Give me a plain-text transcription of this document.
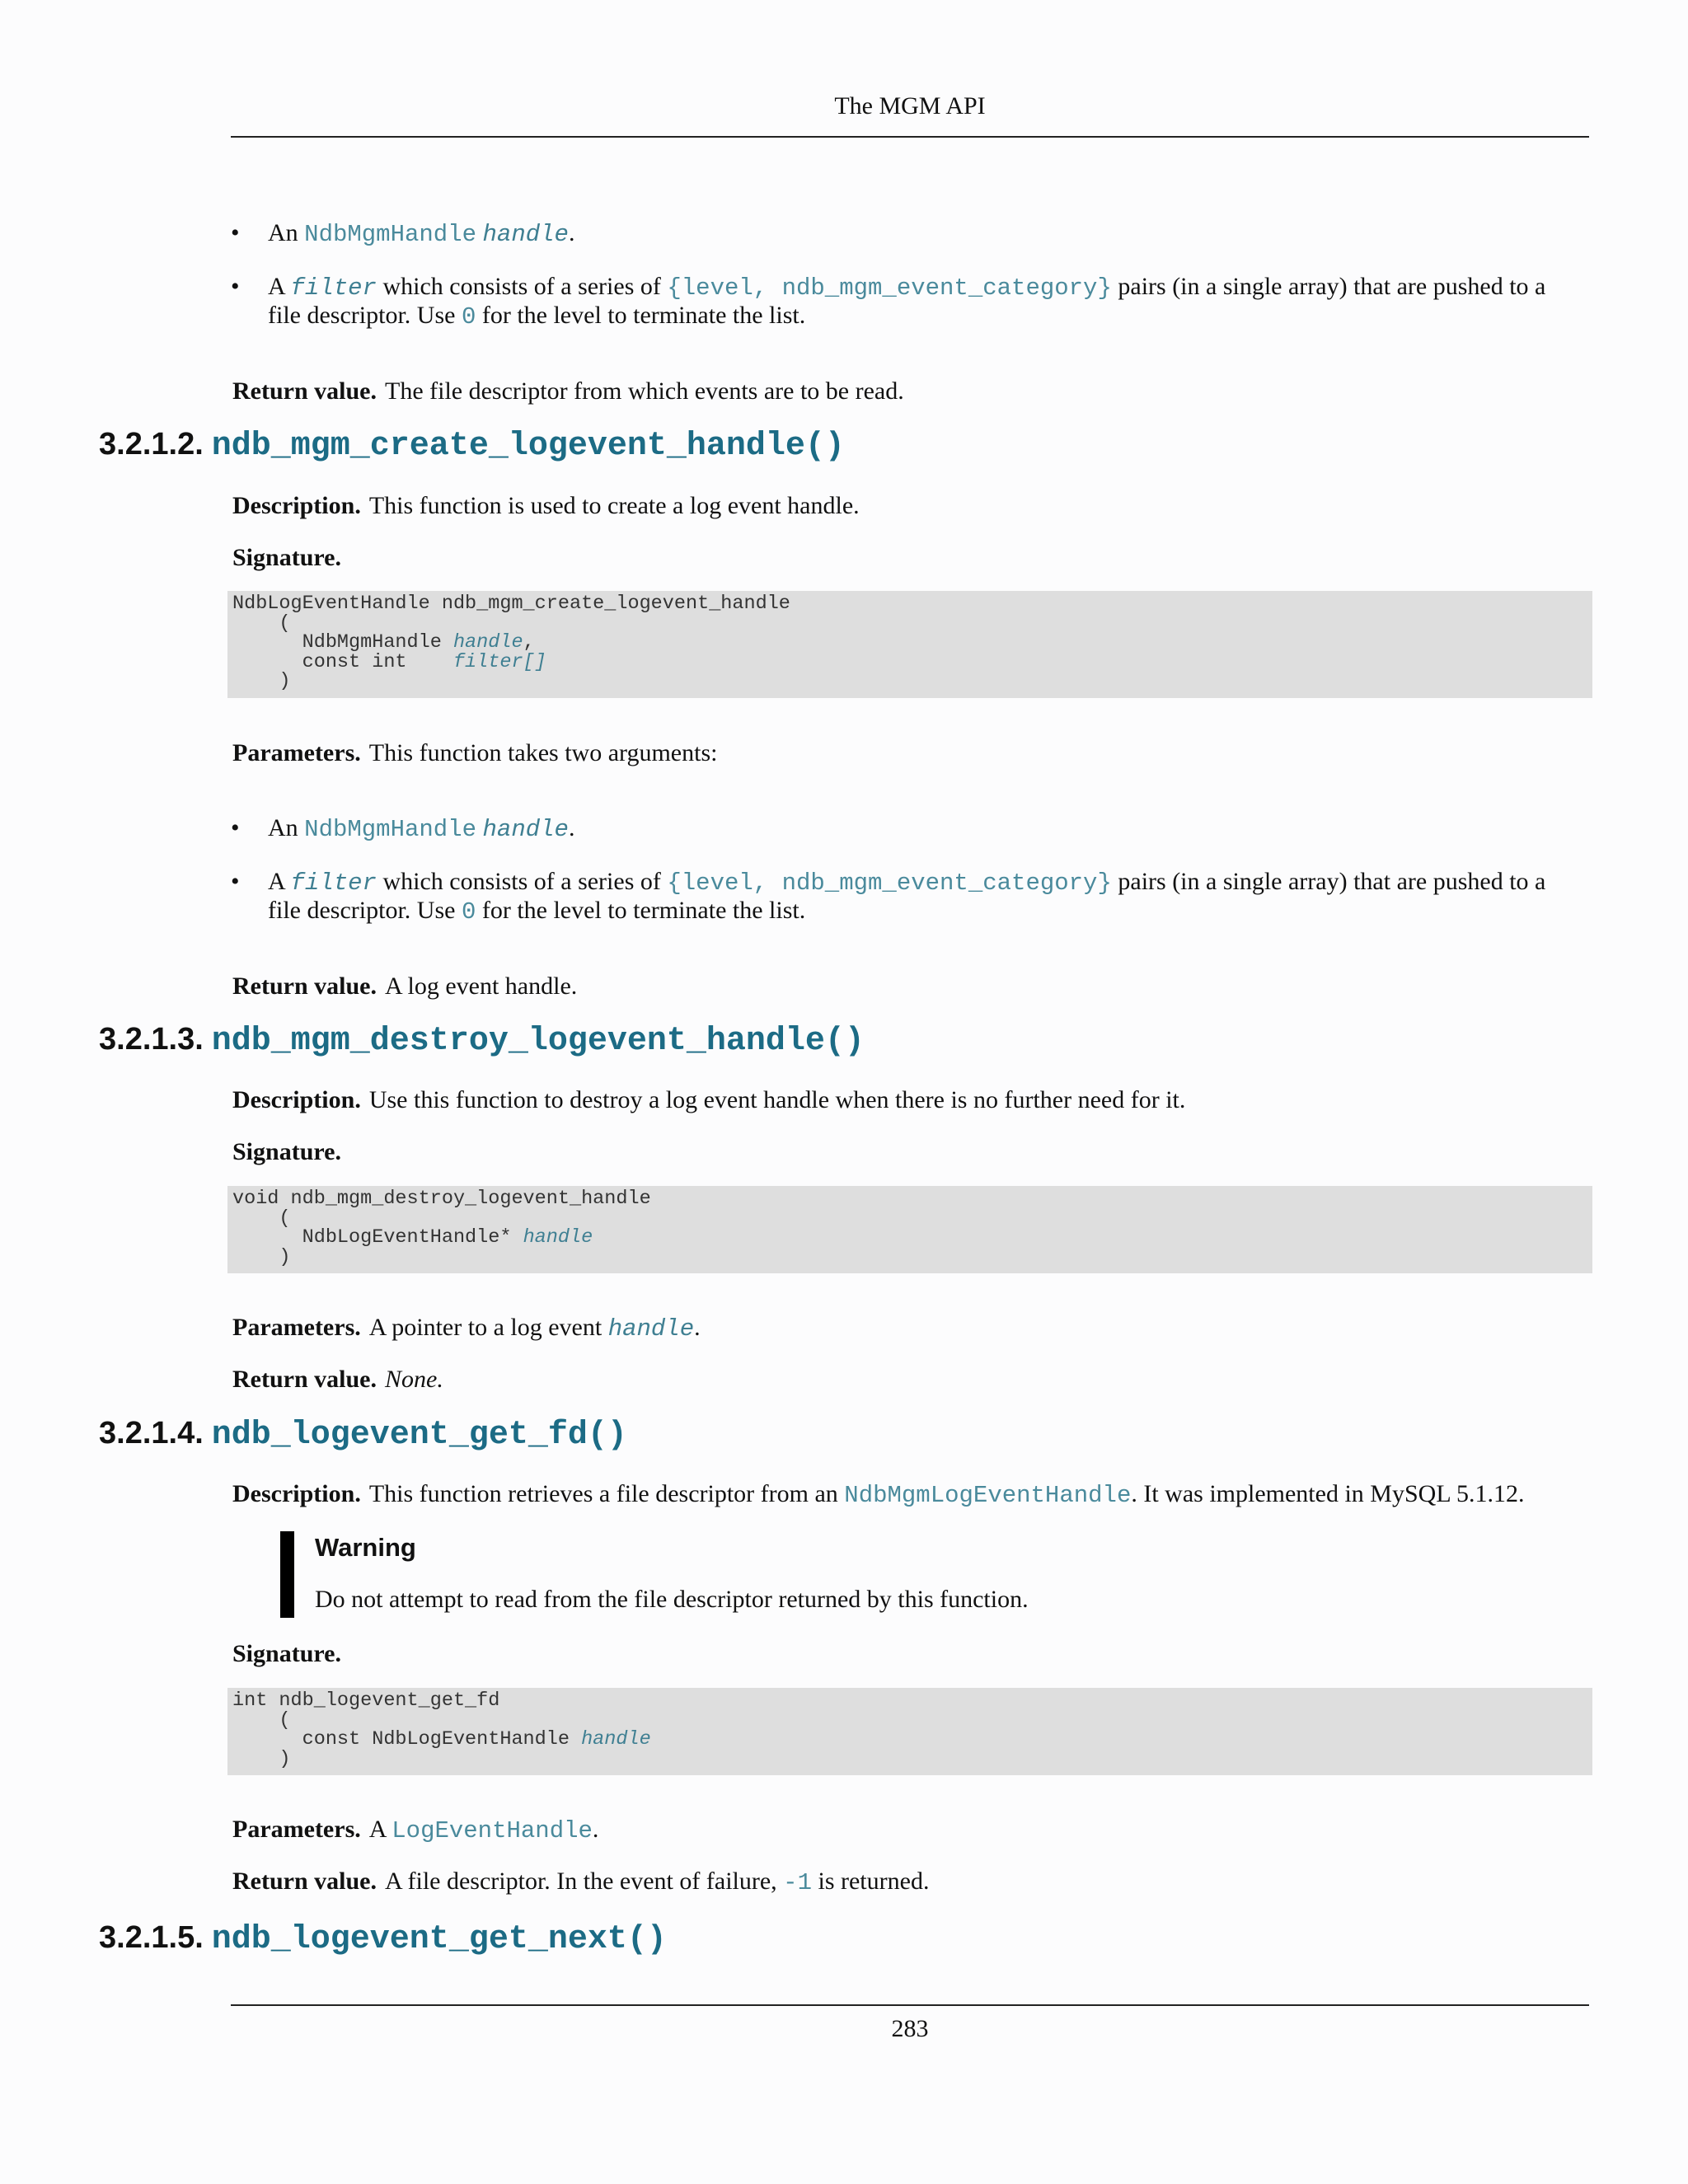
The MGM API
• An NdbMgmHandle handle.
• A filter which consists of a series of {level, ndb_mgm_event_category} pairs (in a single array) that are pushed to a file descriptor. Use 0 for the level to terminate the list.
Return value. The file descriptor from which events are to be read.
3.2.1.2. ndb_mgm_create_logevent_handle()
Description. This function is used to create a log event handle.
Signature.
NdbLogEventHandle ndb_mgm_create_logevent_handle
(
NdbMgmHandle handle,
const int    filter[]
)
Parameters. This function takes two arguments:
• An NdbMgmHandle handle.
• A filter which consists of a series of {level, ndb_mgm_event_category} pairs (in a single array) that are pushed to a file descriptor. Use 0 for the level to terminate the list.
Return value. A log event handle.
3.2.1.3. ndb_mgm_destroy_logevent_handle()
Description. Use this function to destroy a log event handle when there is no further need for it.
Signature.
void ndb_mgm_destroy_logevent_handle
(
NdbLogEventHandle* handle
)
Parameters. A pointer to a log event handle.
Return value. None.
3.2.1.4. ndb_logevent_get_fd()
Description. This function retrieves a file descriptor from an NdbMgmLogEventHandle. It was implemented in MySQL 5.1.12.
Warning
Do not attempt to read from the file descriptor returned by this function.
Signature.
int ndb_logevent_get_fd
(
const NdbLogEventHandle handle
)
Parameters. A LogEventHandle.
Return value. A file descriptor. In the event of failure, -1 is returned.
3.2.1.5. ndb_logevent_get_next()
283
